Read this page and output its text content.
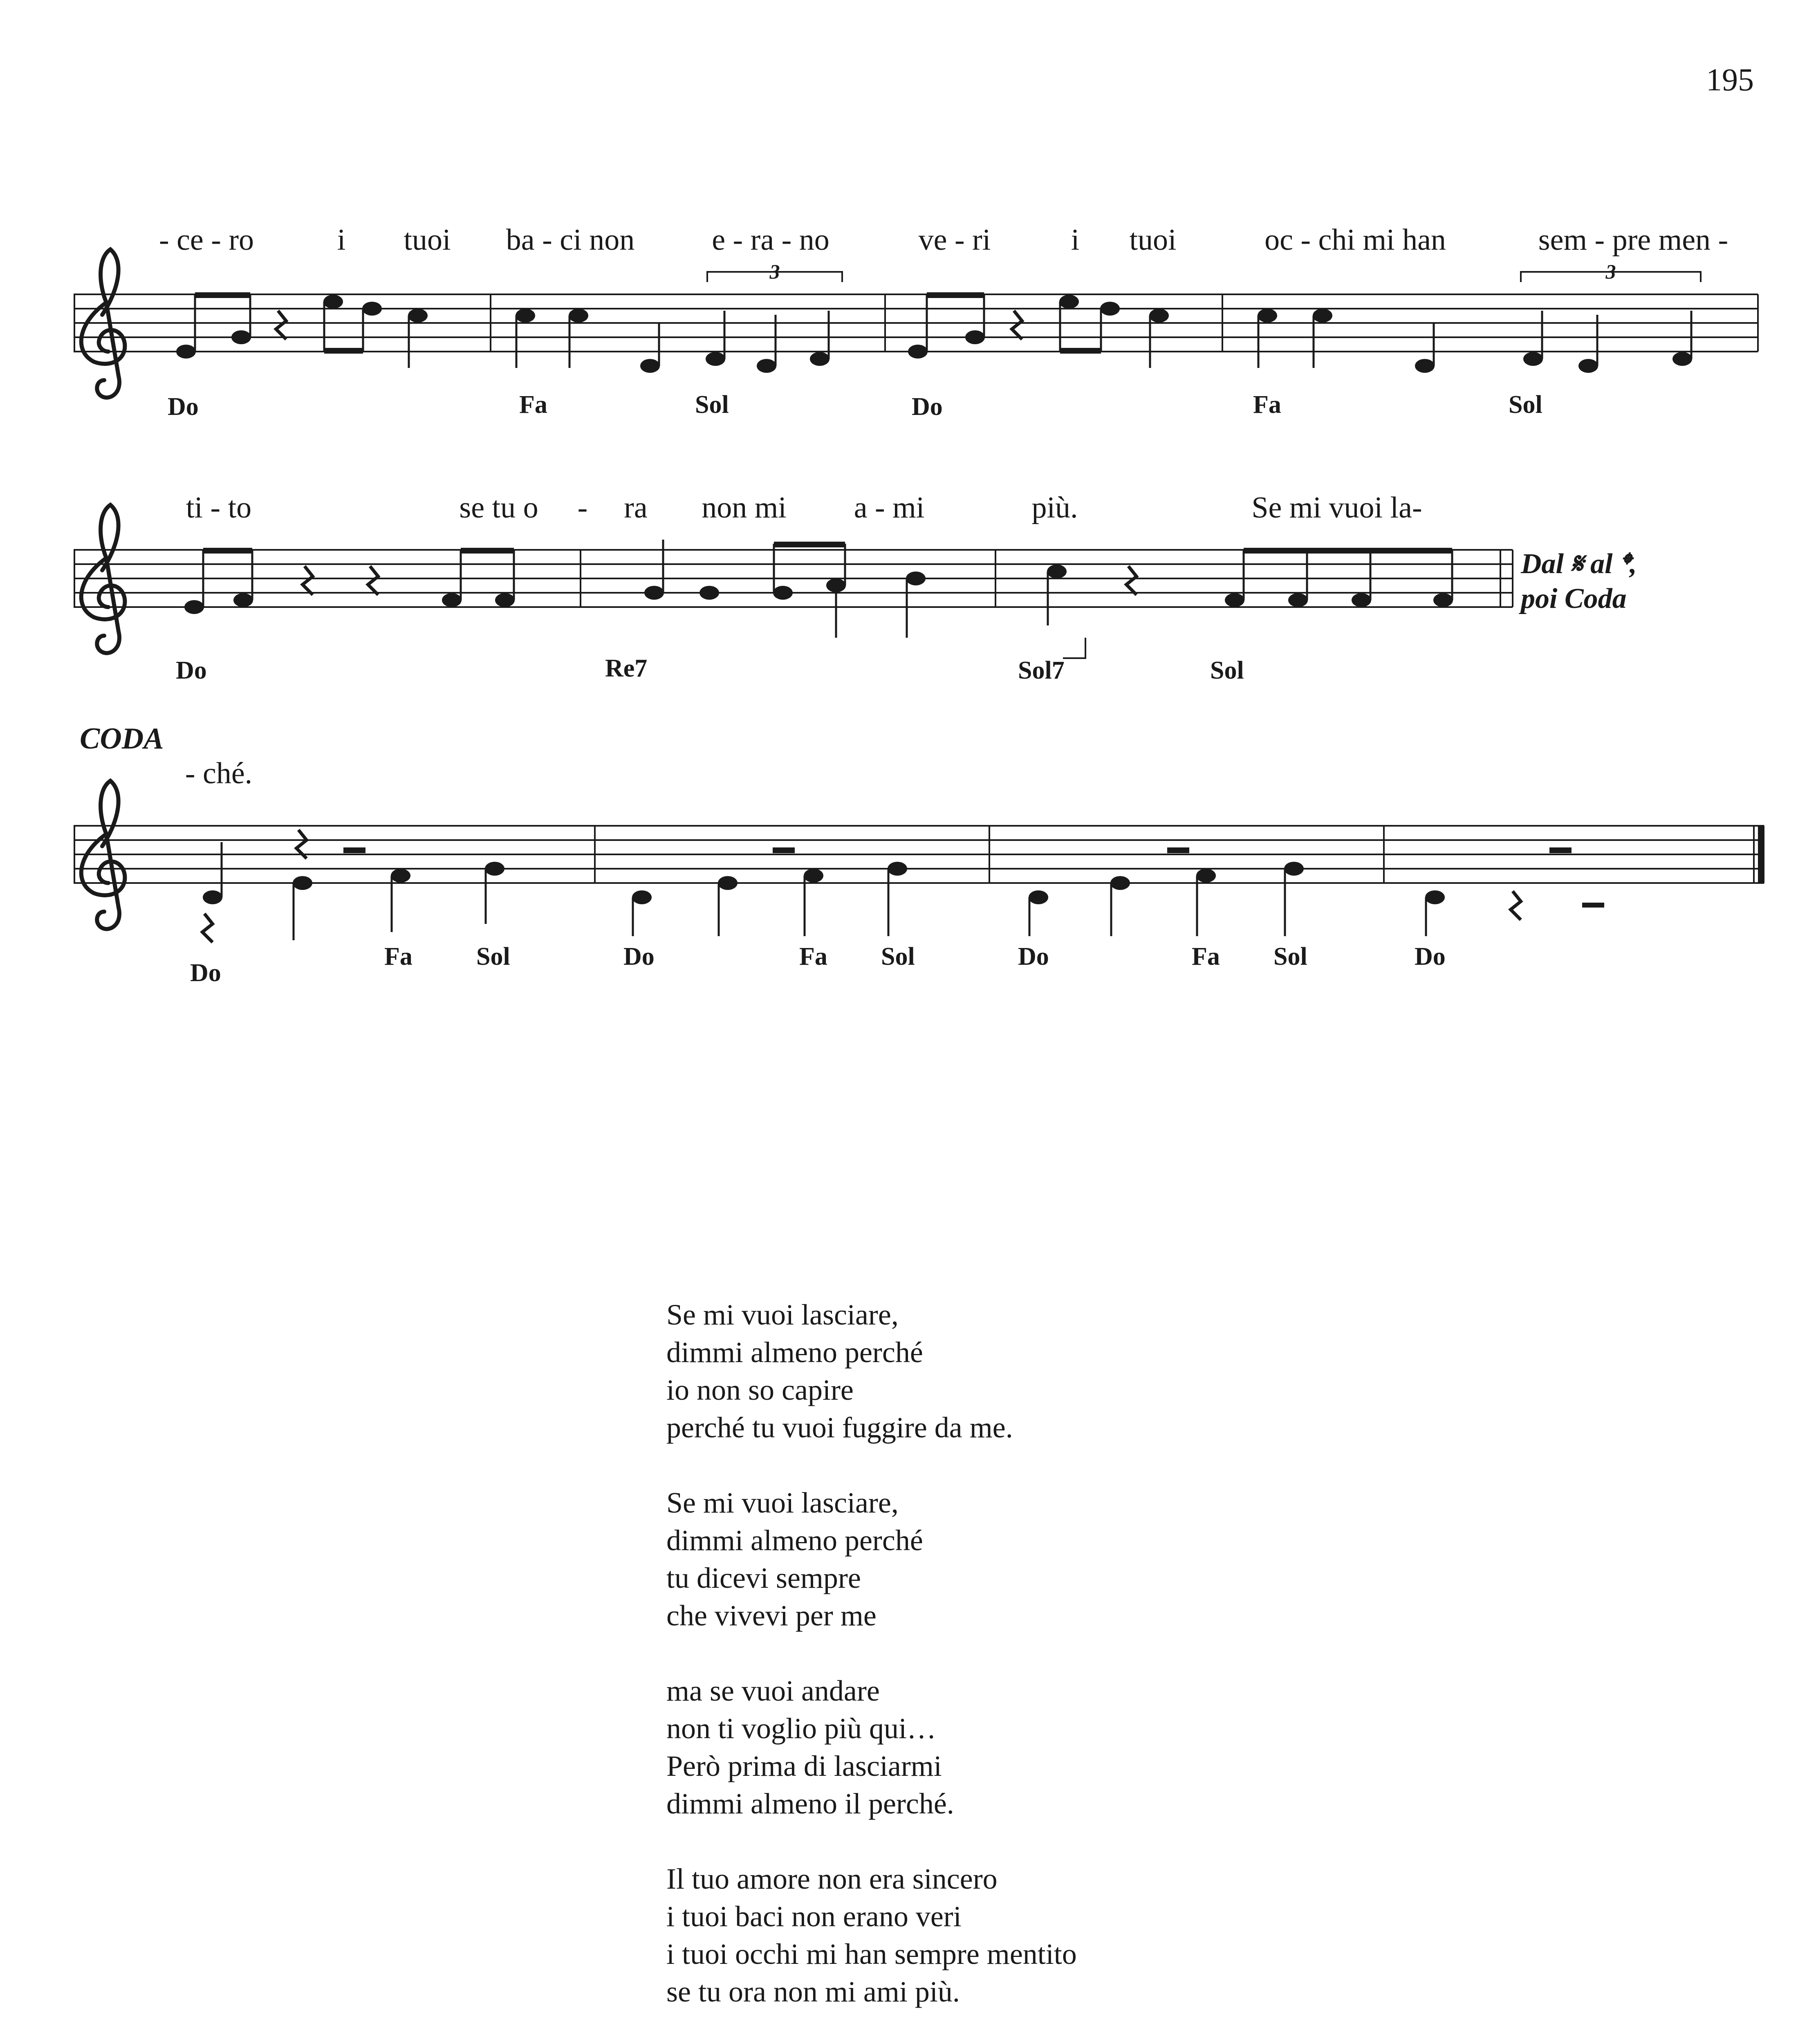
195
- ce - ro	i tuoi ba - ci non	e - ra - no	ve - ri	i tuoi	oc - chi mi han	sem - pre men -
3	3
Do	Fa	Sol	Do	Fa	Sol
ti - to	se tu o - ra non mi a - mi	più.	Se mi vuoi la-
Do	Re7	Sol7	Sol
Dal 𝄋 al 𝄌,
poi Coda
CODA
- ché.
Do
Fa	Sol	Do	Fa Sol	Do	Fa Sol	Do
Se mi vuoi lasciare,
dimmi almeno perché
io non so capire
perché tu vuoi fuggire da me.
Se mi vuoi lasciare,
dimmi almeno perché
tu dicevi sempre
che vivevi per me
ma se vuoi andare
non ti voglio più qui…
Però prima di lasciarmi
dimmi almeno il perché.
Il tuo amore non era sincero
i tuoi baci non erano veri
i tuoi occhi mi han sempre mentito
se tu ora non mi ami più.
